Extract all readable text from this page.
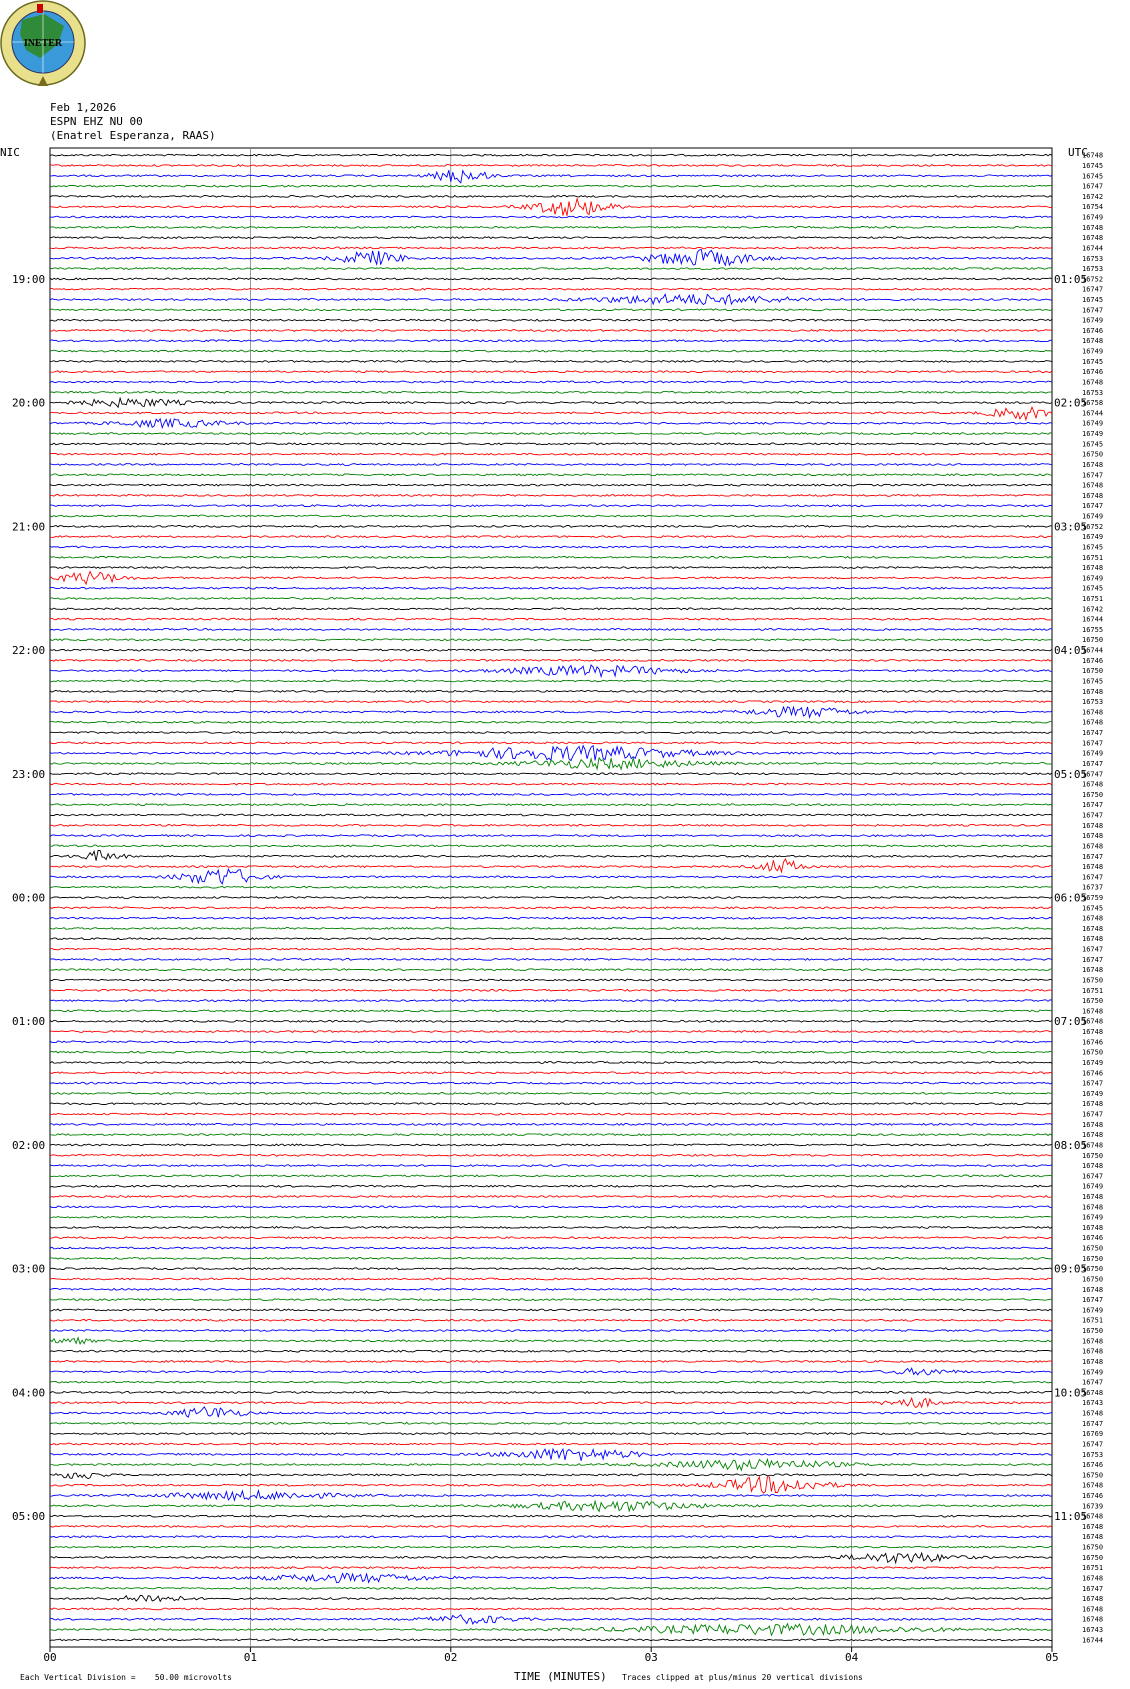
INETER
Feb 1,2026
ESPN EHZ NU 00
(Enatrel Esperanza, RAAS)
NIC	UTC
16748
16745
16745
16747
16742
16754
16749
16748
16748
16744
16753
16753
16752
16747
16745
16747
16749
16746
16748
16749
16745
16746
16748
16753
16758
16744
16749
16749
16745
16750
16748
16747
16748
16748
16747
16749
16752
16749
16745
16751
16748
16749
16745
16751
16742
16744
16755
16750
16744
16746
16750
16745
16748
16753
16748
16748
16747
16747
16749
16747
16747
16748
16750
16747
16747
16748
16748
16748
16747
16748
16747
16737
16759
16745
16748
16748
16748
16747
16747
16748
16750
16751
16750
16748
16748
16748
16746
16750
16749
16746
16747
16749
16748
16747
16748
16748
16748
16750
16748
16747
16749
16748
16748
16749
16748
16746
16750
16750
16750
16750
16748
16747
16749
16751
16750
16748
16748
16748
16749
16747
16748
16743
16748
16747
16769
16747
16753
16746
16750
16748
16746
16739
16748
16748
16748
16750
16750
16751
16748
16747
16748
16748
16748
16743
16744
19:00
20:00
21:00
22:00
23:00
00:00
01:00
02:00
03:00
04:00
05:00
01:05
02:05
03:05
04:05
05:05
06:05
07:05
08:05
09:05
10:05
11:05
00	01	02	03	04	05
Each Vertical Division =    50.00 microvolts	TIME (MINUTES) Traces clipped at plus/minus 20 vertical divisions
